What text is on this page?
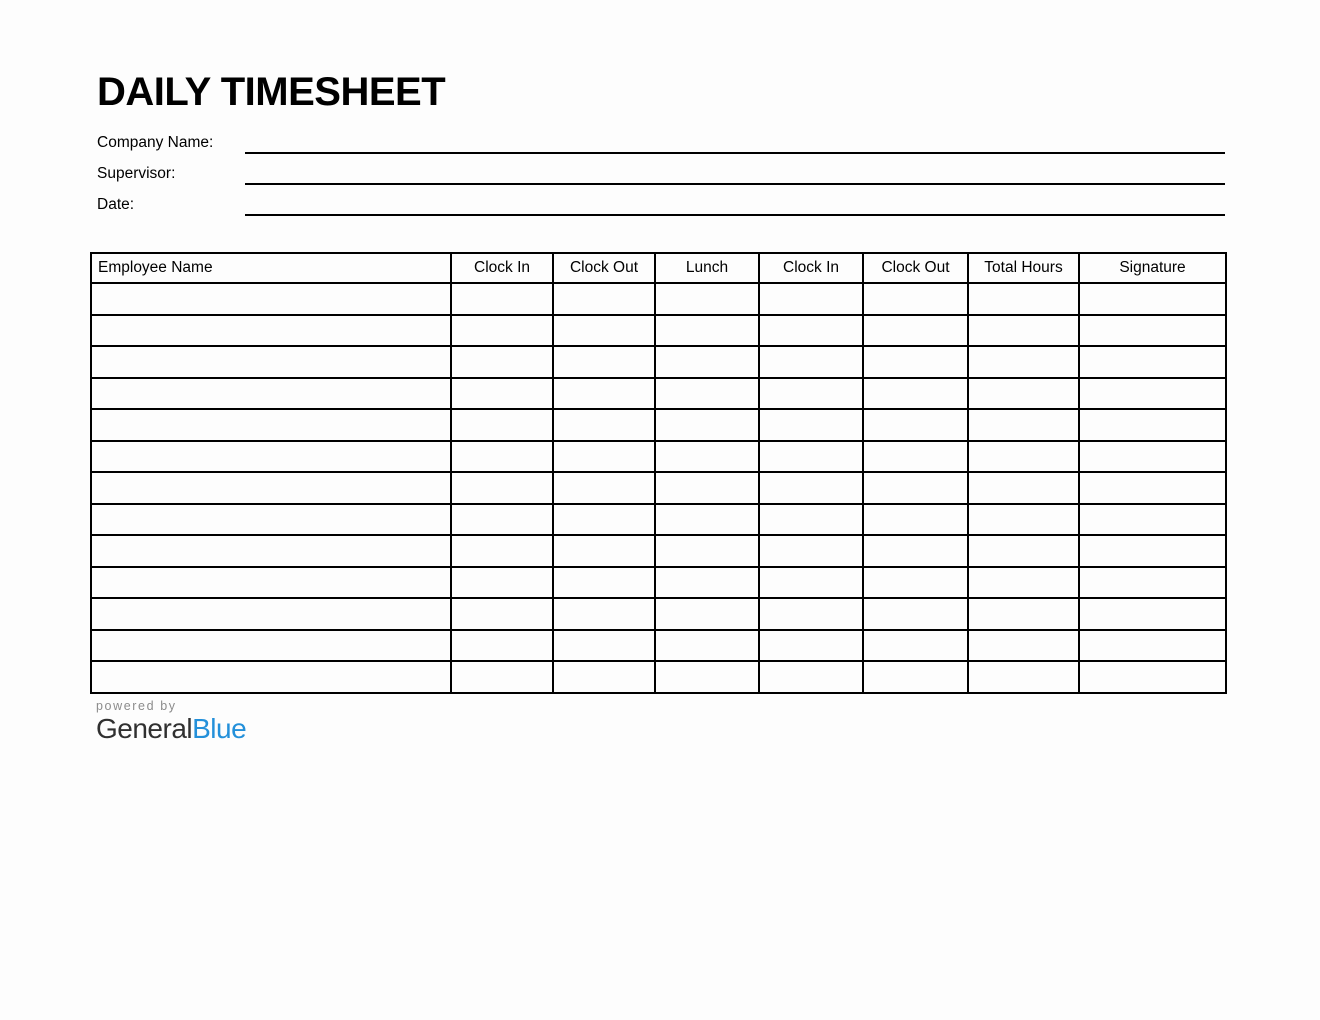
DAILY TIMESHEET
Company Name:
Supervisor:
Date:
Employee Name	Clock In	Clock Out	Lunch	Clock In	Clock Out	Total Hours	Signature

powered by
GeneralBlue
